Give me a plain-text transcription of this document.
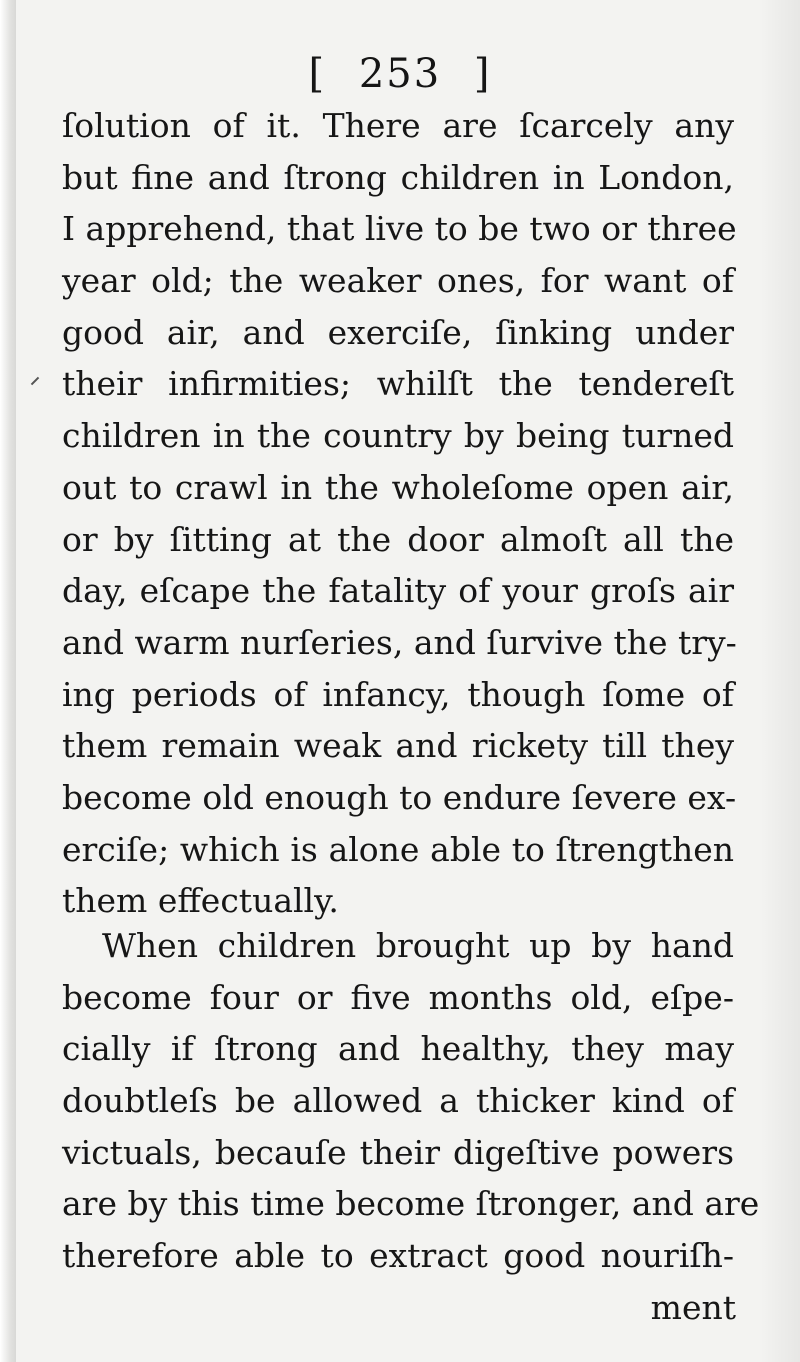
[ 253 ]
ſolution of it. There are ſcarcely any
but fine and ſtrong children in London,
I apprehend, that live to be two or three
year old; the weaker ones, for want of
good air, and exerciſe, ſinking under
their infirmities; whilſt the tendereſt
children in the country by being turned
out to crawl in the wholeſome open air,
or by ſitting at the door almoſt all the
day, eſcape the fatality of your groſs air
and warm nurſeries, and ſurvive the try-
ing periods of infancy, though ſome of
them remain weak and rickety till they
become old enough to endure ſevere ex-
erciſe; which is alone able to ſtrengthen
them effectually.
When children brought up by hand
become four or five months old, eſpe-
cially if ſtrong and healthy, they may
doubtleſs be allowed a thicker kind of
victuals, becauſe their digeſtive powers
are by this time become ſtronger, and are
therefore able to extract good nouriſh-
ment
